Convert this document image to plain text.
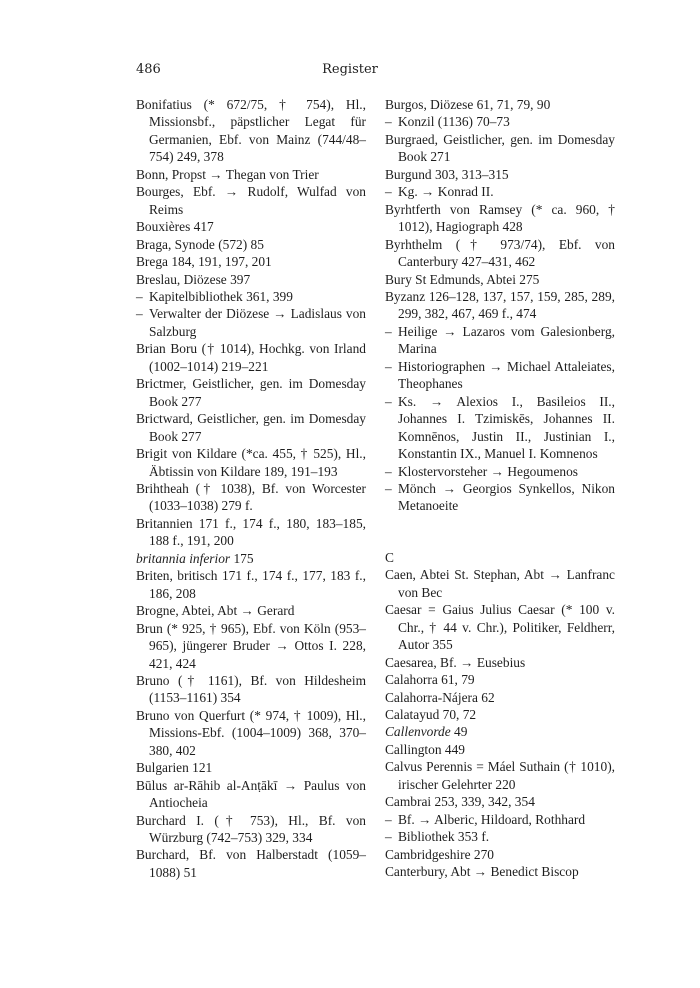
486	Register
Bonifatius (* 672/75, † 754), Hl., Missionsbf., päpstlicher Legat für Germanien, Ebf. von Mainz (744/48–754) 249, 378
Bonn, Propst → Thegan von Trier
Bourges, Ebf. → Rudolf, Wulfad von Reims
Bouxières 417
Braga, Synode (572) 85
Brega 184, 191, 197, 201
Breslau, Diözese 397
– Kapitelbibliothek 361, 399
– Verwalter der Diözese → Ladislaus von Salzburg
Brian Boru († 1014), Hochkg. von Irland (1002–1014) 219–221
Brictmer, Geistlicher, gen. im Domesday Book 277
Brictward, Geistlicher, gen. im Domesday Book 277
Brigit von Kildare (*ca. 455, † 525), Hl., Äbtissin von Kildare 189, 191–193
Brihtheah († 1038), Bf. von Worcester (1033–1038) 279 f.
Britannien 171 f., 174 f., 180, 183–185, 188 f., 191, 200
britannia inferior 175
Briten, britisch 171 f., 174 f., 177, 183 f., 186, 208
Brogne, Abtei, Abt → Gerard
Brun (* 925, † 965), Ebf. von Köln (953–965), jüngerer Bruder → Ottos I. 228, 421, 424
Bruno († 1161), Bf. von Hildesheim (1153–1161) 354
Bruno von Querfurt (* 974, † 1009), Hl., Missions-Ebf. (1004–1009) 368, 370–380, 402
Bulgarien 121
Būlus ar-Rāhib al-Anṭākī → Paulus von Antiocheia
Burchard I. († 753), Hl., Bf. von Würzburg (742–753) 329, 334
Burchard, Bf. von Halberstadt (1059–1088) 51
Burgos, Diözese 61, 71, 79, 90
– Konzil (1136) 70–73
Burgraed, Geistlicher, gen. im Domesday Book 271
Burgund 303, 313–315
– Kg. → Konrad II.
Byrhtferth von Ramsey (* ca. 960, † 1012), Hagiograph 428
Byrhthelm († 973/74), Ebf. von Canterbury 427–431, 462
Bury St Edmunds, Abtei 275
Byzanz 126–128, 137, 157, 159, 285, 289, 299, 382, 467, 469 f., 474
– Heilige → Lazaros vom Galesionberg, Marina
– Historiographen → Michael Attaleiates, Theophanes
– Ks. → Alexios I., Basileios II., Johannes I. Tzimiskēs, Johannes II. Komnēnos, Justin II., Justinian I., Konstantin IX., Manuel I. Komnenos
– Klostervorsteher → Hegoumenos
– Mönch → Georgios Synkellos, Nikon Metanoeite
C
Caen, Abtei St. Stephan, Abt → Lanfranc von Bec
Caesar = Gaius Julius Caesar (* 100 v. Chr., † 44 v. Chr.), Politiker, Feldherr, Autor 355
Caesarea, Bf. → Eusebius
Calahorra 61, 79
Calahorra-Nájera 62
Calatayud 70, 72
Callenvorde 49
Callington 449
Calvus Perennis = Máel Suthain († 1010), irischer Gelehrter 220
Cambrai 253, 339, 342, 354
– Bf. → Alberic, Hildoard, Rothhard
– Bibliothek 353 f.
Cambridgeshire 270
Canterbury, Abt → Benedict Biscop
